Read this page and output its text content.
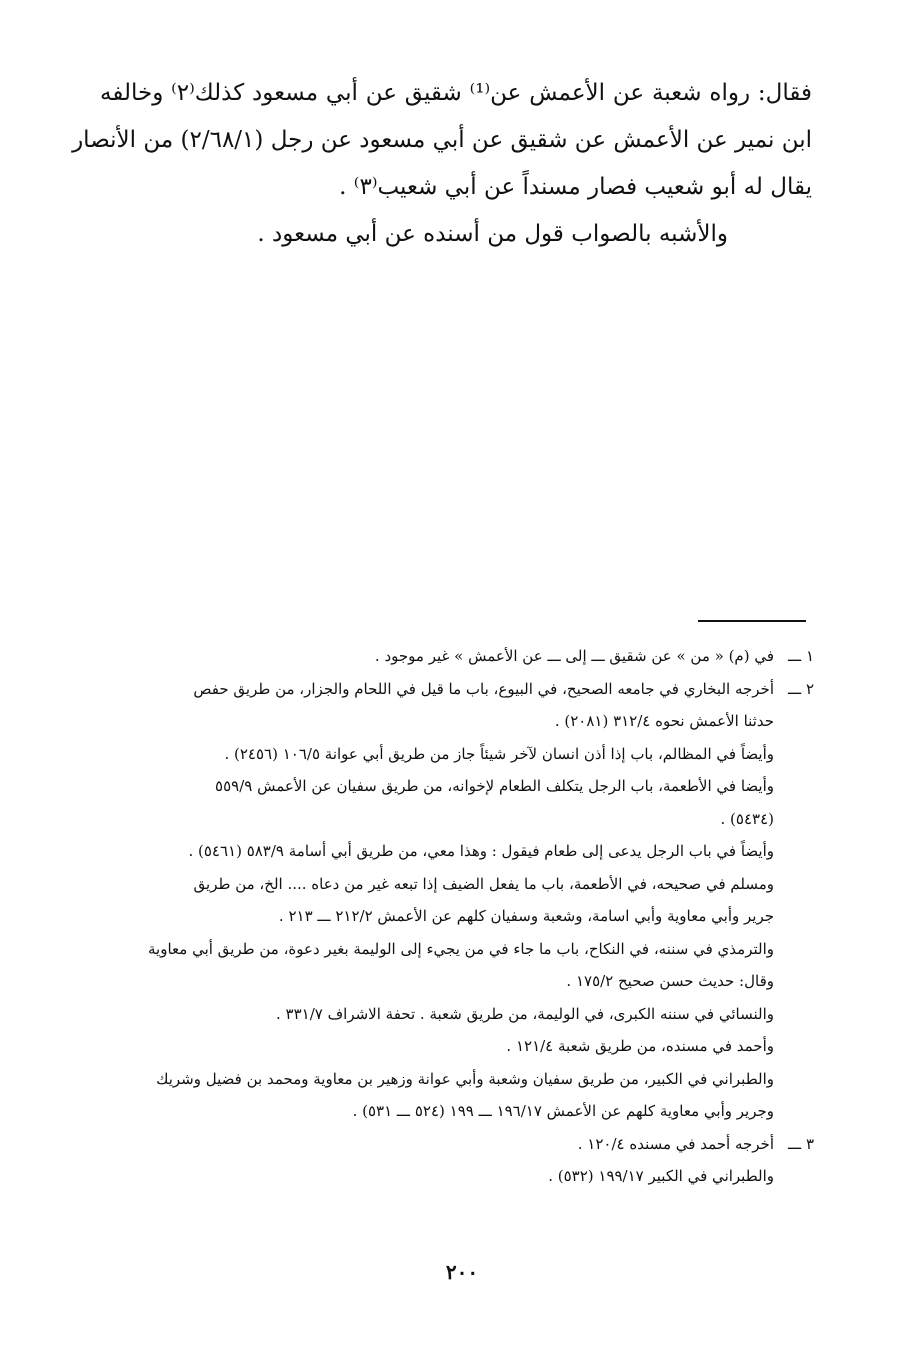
فقال: رواه شعبة عن الأعمش عن⁽¹⁾ شقيق عن أبي مسعود كذلك⁽٢⁾ وخالفه
ابن نمير عن الأعمش عن شقيق عن أبي مسعود عن رجل (٢/٦٨/١) من الأنصار
يقال له أبو شعيب فصار مسنداً عن أبي شعيب⁽٣⁾ .
والأشبه بالصواب قول من أسنده عن أبي مسعود .
١ ـــفي (م) « من » عن شقيق ـــ إلى ـــ عن الأعمش » غير موجود .
٢ ـــأخرجه البخاري في جامعه الصحيح، في البيوع، باب ما قيل في اللحام والجزار، من طريق حفص
حدثنا الأعمش نحوه ٣١٢/٤ (٢٠٨١) .
وأيضاً في المظالم، باب إذا أذن انسان لآخر شيئاً جاز من طريق أبي عوانة ١٠٦/٥ (٢٤٥٦) .
وأيضا في الأطعمة، باب الرجل يتكلف الطعام لإخوانه، من طريق سفيان عن الأعمش ٥٥٩/٩
(٥٤٣٤) .
وأيضاً في باب الرجل يدعى إلى طعام فيقول : وهذا معي، من طريق أبي أسامة ٥٨٣/٩ (٥٤٦١) .
ومسلم في صحيحه، في الأطعمة، باب ما يفعل الضيف إذا تبعه غير من دعاه .... الخ، من طريق
جرير وأبي معاوية وأبي اسامة، وشعبة وسفيان كلهم عن الأعمش ٢١٢/٢ ـــ ٢١٣ .
والترمذي في سننه، في النكاح، باب ما جاء في من يجيء إلى الوليمة بغير دعوة، من طريق أبي معاوية
وقال: حديث حسن صحيح ١٧٥/٢ .
والنسائي في سننه الكبرى، في الوليمة، من طريق شعبة . تحفة الاشراف ٣٣١/٧ .
وأحمد في مسنده، من طريق شعبة ١٢١/٤ .
والطبراني في الكبير، من طريق سفيان وشعبة وأبي عوانة وزهير بن معاوية ومحمد بن فضيل وشريك
وجرير وأبي معاوية كلهم عن الأعمش ١٩٦/١٧ ـــ ١٩٩ (٥٢٤ ـــ ٥٣١) .
٣ ـــأخرجه أحمد في مسنده ١٢٠/٤ .
والطبراني في الكبير ١٩٩/١٧ (٥٣٢) .
٢٠٠
